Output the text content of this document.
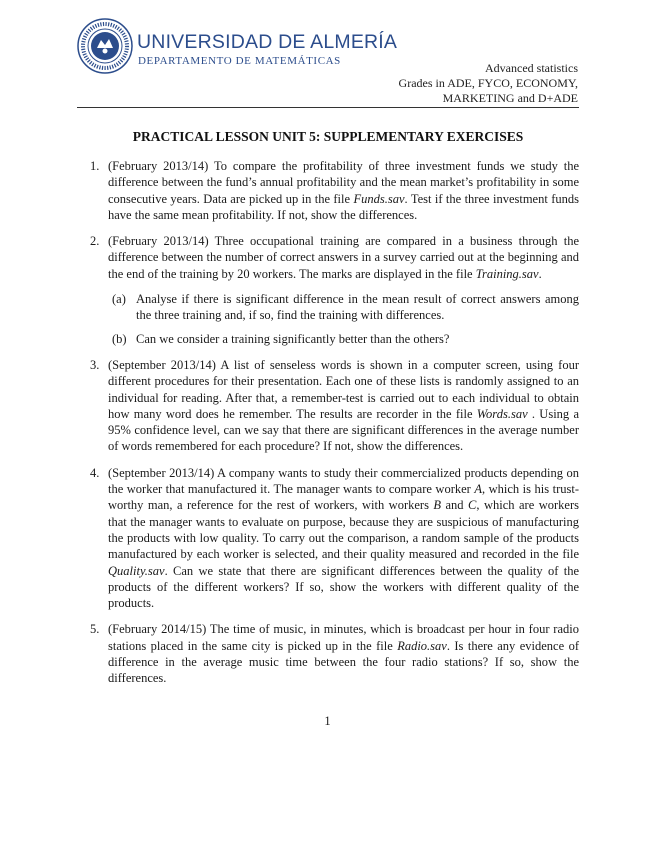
UNIVERSIDAD DE ALMERÍA
DEPARTAMENTO DE MATEMÁTICAS	Advanced statistics
Grades in ADE, FYCO, ECONOMY,
MARKETING and D+ADE
PRACTICAL LESSON UNIT 5: SUPPLEMENTARY EXERCISES
1. (February 2013/14) To compare the profitability of three investment funds we study the difference between the fund’s annual profitability and the mean market’s profitability in some consecutive years. Data are picked up in the file Funds.sav. Test if the three investment funds have the same mean profitability. If not, show the differences.

2. (February 2013/14) Three occupational training are compared in a business through the difference between the number of correct answers in a survey carried out at the beginning and the end of the training by 20 workers. The marks are displayed in the file Training.sav.

(a) Analyse if there is significant difference in the mean result of correct answers among the three training and, if so, find the training with differences.
(b) Can we consider a training significantly better than the others?
3. (September 2013/14) A list of senseless words is shown in a computer screen, using four different procedures for their presentation. Each one of these lists is randomly assigned to an individual for reading. After that, a remember-test is carried out to each individual to obtain how many word does he remember. The results are recorder in the file Words.sav . Using a 95% confidence level, can we say that there are significant differences in the average number of words remembered for each procedure? If not, show the differences.

4. (September 2013/14) A company wants to study their commercialized products depending on the worker that manufactured it. The manager wants to compare worker A, which is his trust-worthy man, a reference for the rest of workers, with workers B and C, which are workers that the manager wants to evaluate on purpose, because they are suspicious of manufacturing the products with low quality. To carry out the comparison, a random sample of the products manufactured by each worker is selected, and their quality measured and recorded in the file Quality.sav. Can we state that there are significant differences between the quality of the products of the different workers? If so, show the workers with different quality of the products.

5. (February 2014/15) The time of music, in minutes, which is broadcast per hour in four radio stations placed in the same city is picked up in the file Radio.sav. Is there any evidence of difference in the average music time between the four radio stations? If so, show the differences.

1
